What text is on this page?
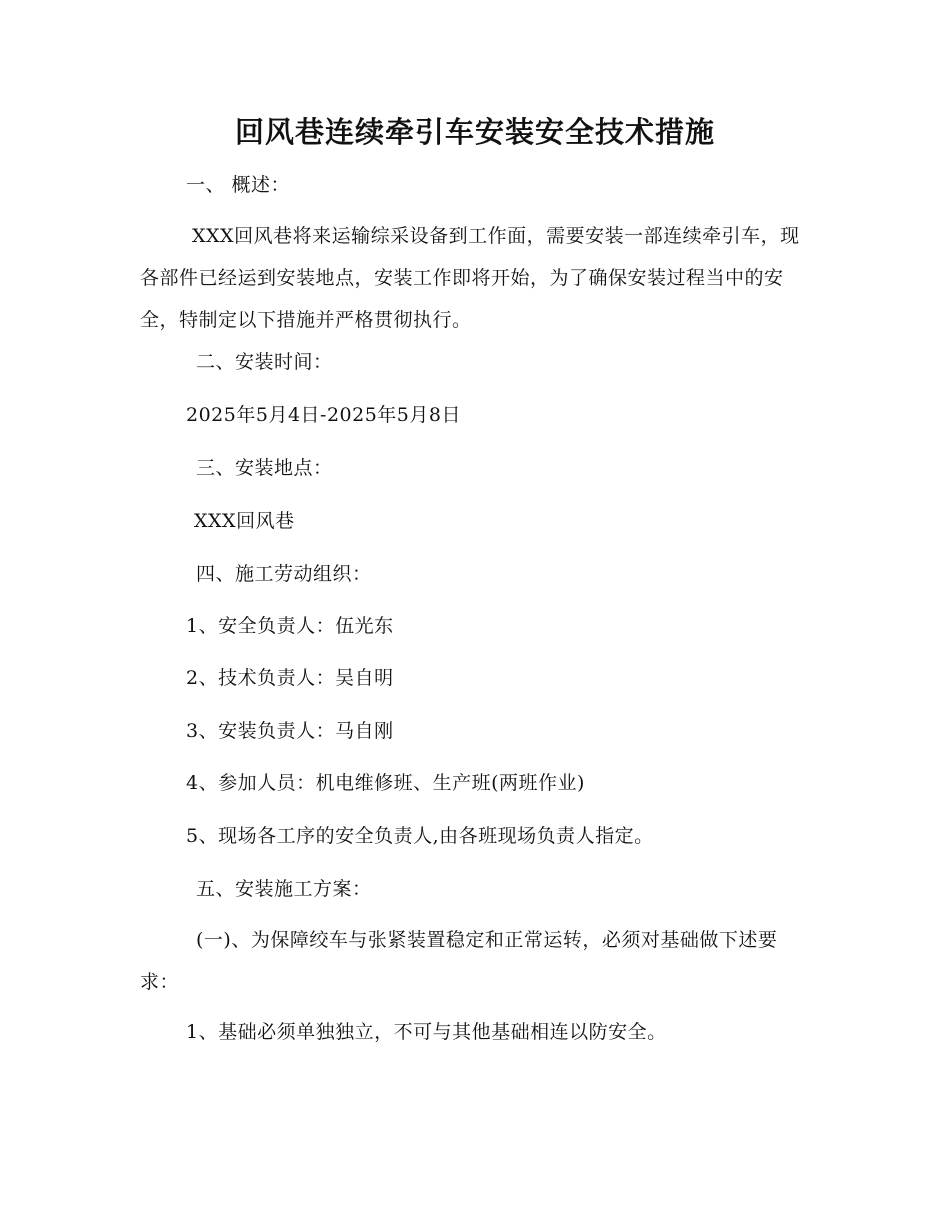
回风巷连续牵引车安装安全技术措施

一、 概述：

XXX回风巷将来运输综采设备到工作面，需要安装一部连续牵引车，现各部件已经运到安装地点，安装工作即将开始，为了确保安装过程当中的安全，特制定以下措施并严格贯彻执行。

二、安装时间：

2025年5月4日-2025年5月8日

三、安装地点：

XXX回风巷

四、施工劳动组织：

1、安全负责人：伍光东

2、技术负责人：吴自明

3、安装负责人：马自刚

4、参加人员：机电维修班、生产班(两班作业)

5、现场各工序的安全负责人,由各班现场负责人指定。

五、安装施工方案：

(一)、为保障绞车与张紧装置稳定和正常运转，必须对基础做下述要求：

1、基础必须单独独立，不可与其他基础相连以防安全。
